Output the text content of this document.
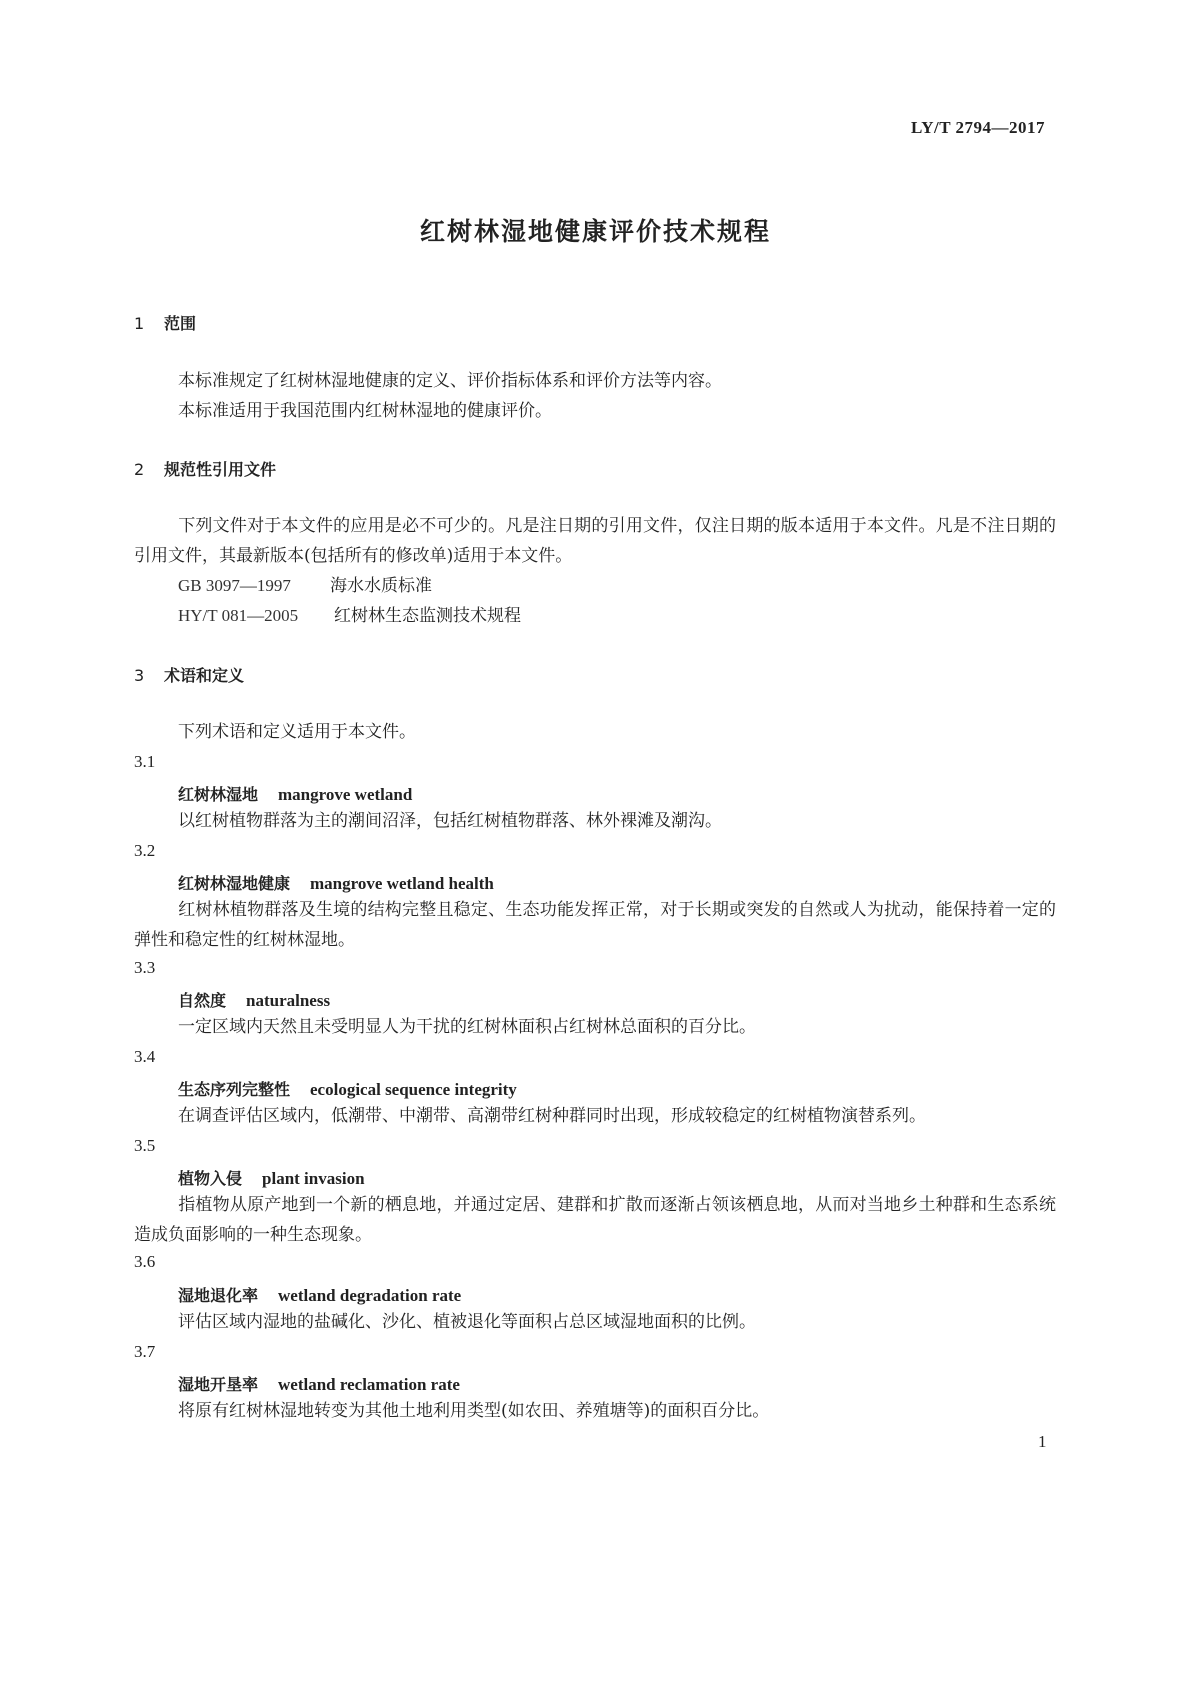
LY/T 2794—2017
红树林湿地健康评价技术规程
1 范围
本标准规定了红树林湿地健康的定义、评价指标体系和评价方法等内容。
本标准适用于我国范围内红树林湿地的健康评价。
2 规范性引用文件
下列文件对于本文件的应用是必不可少的。凡是注日期的引用文件，仅注日期的版本适用于本文件。凡是不注日期的引用文件，其最新版本(包括所有的修改单)适用于本文件。
GB 3097—1997 海水水质标准
HY/T 081—2005 红树林生态监测技术规程
3 术语和定义
下列术语和定义适用于本文件。
3.1
红树林湿地 mangrove wetland
以红树植物群落为主的潮间沼泽，包括红树植物群落、林外裸滩及潮沟。
3.2
红树林湿地健康 mangrove wetland health
红树林植物群落及生境的结构完整且稳定、生态功能发挥正常，对于长期或突发的自然或人为扰动，能保持着一定的弹性和稳定性的红树林湿地。
3.3
自然度 naturalness
一定区域内天然且未受明显人为干扰的红树林面积占红树林总面积的百分比。
3.4
生态序列完整性 ecological sequence integrity
在调查评估区域内，低潮带、中潮带、高潮带红树种群同时出现，形成较稳定的红树植物演替系列。
3.5
植物入侵 plant invasion
指植物从原产地到一个新的栖息地，并通过定居、建群和扩散而逐渐占领该栖息地，从而对当地乡土种群和生态系统造成负面影响的一种生态现象。
3.6
湿地退化率 wetland degradation rate
评估区域内湿地的盐碱化、沙化、植被退化等面积占总区域湿地面积的比例。
3.7
湿地开垦率 wetland reclamation rate
将原有红树林湿地转变为其他土地利用类型(如农田、养殖塘等)的面积百分比。
1
